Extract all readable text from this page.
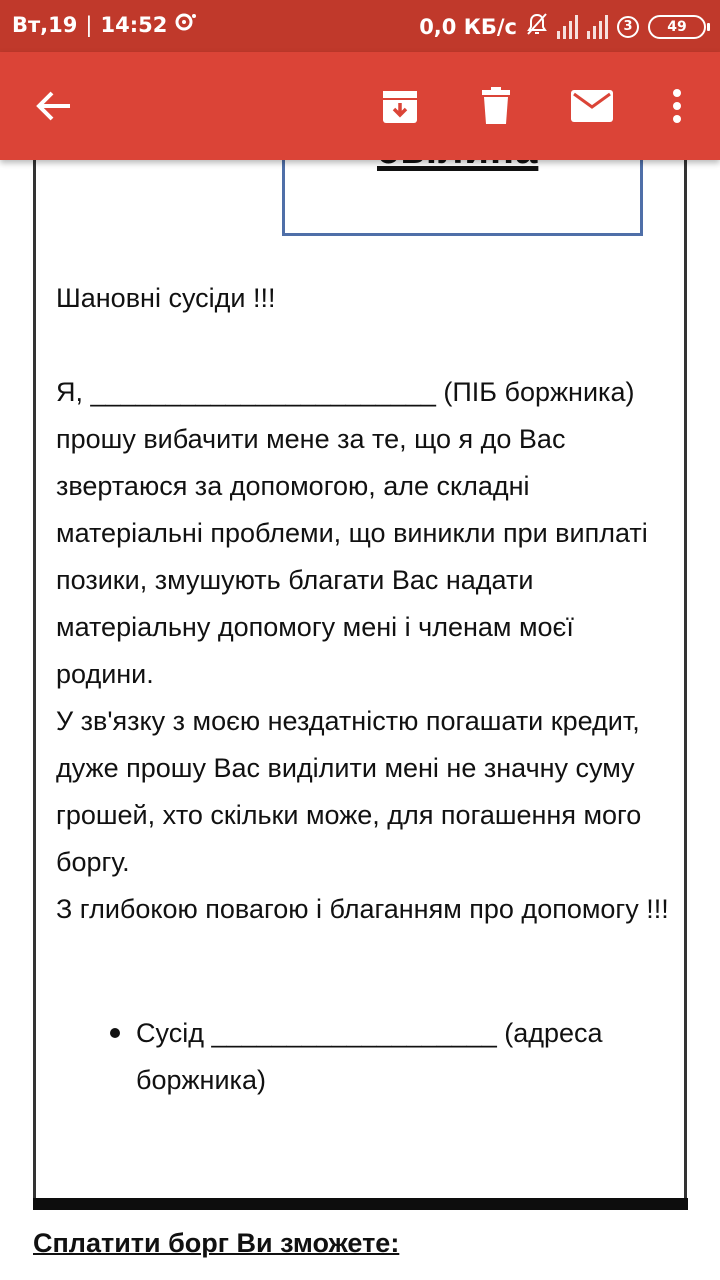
Вт,19 | 14:52	0,0 КБ/с	3	49

Шановні сусіди !!!

Я, _______________________ (ПІБ боржника)   прошу вибачити мене за те, що я до Вас звертаюся за допомогою, але складні матеріальні проблеми, що виникли при виплаті позики, змушують благати Вас надати матеріальну допомогу мені і членам моєї родини.

У зв'язку з моєю нездатністю погашати кредит, дуже прошу Вас виділити мені не значну суму грошей, хто скільки може, для погашення мого боргу.

З глибокою повагою і благанням про допомогу !!!

Сусід ___________________ (адреса боржника)
Сплатити борг Ви зможете:
